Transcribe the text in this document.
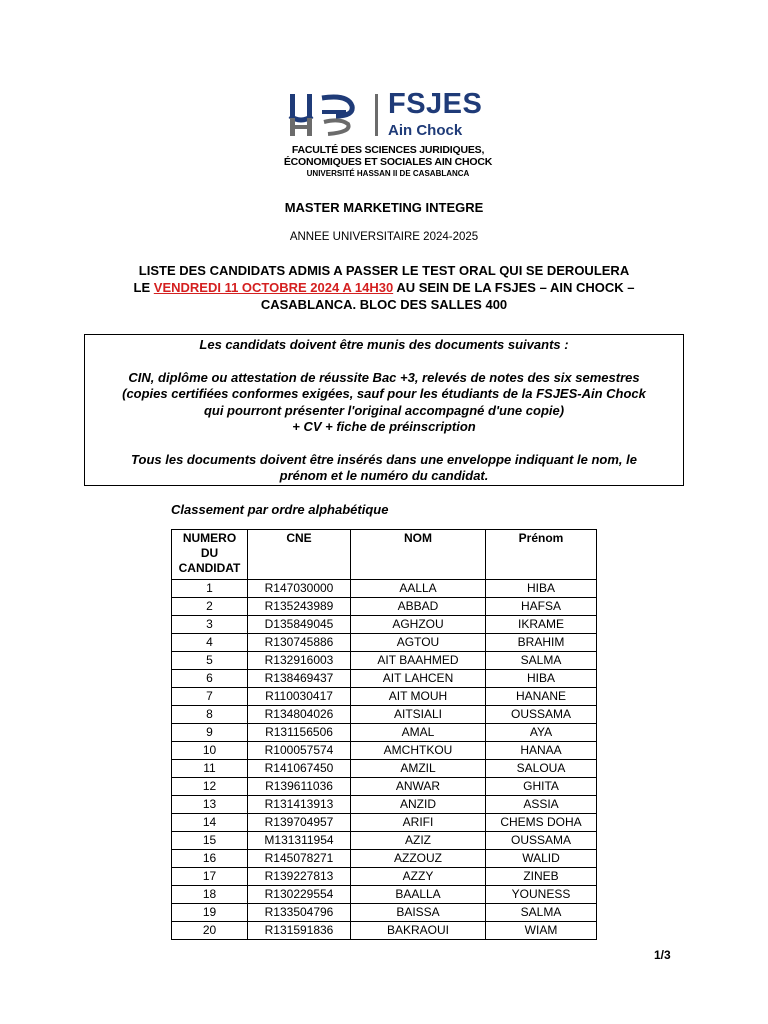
FSJES
Ain Chock
FACULTÉ DES SCIENCES JURIDIQUES,
ÉCONOMIQUES ET SOCIALES AIN CHOCK
UNIVERSITÉ HASSAN II DE CASABLANCA
MASTER MARKETING INTEGRE
ANNEE UNIVERSITAIRE 2024-2025
LISTE DES CANDIDATS ADMIS A PASSER LE TEST ORAL QUI SE DEROULERA
LE VENDREDI 11 OCTOBRE 2024 A 14H30 AU SEIN DE LA FSJES – AIN CHOCK –
CASABLANCA. BLOC DES SALLES 400

Les candidats doivent être munis des documents suivants :

CIN, diplôme ou attestation de réussite Bac +3, relevés de notes des six semestres

(copies certifiées conformes exigées, sauf pour les étudiants de la FSJES-Ain Chock

qui pourront présenter l'original accompagné d'une copie)

+ CV + fiche de préinscription

Tous les documents doivent être insérés dans une enveloppe indiquant le nom, le

prénom et le numéro du candidat.

Classement par ordre alphabétique
NUMERO
DU
CANDIDAT	CNE	NOM	Prénom
1	R147030000	AALLA	HIBA
2	R135243989	ABBAD	HAFSA
3	D135849045	AGHZOU	IKRAME
4	R130745886	AGTOU	BRAHIM
5	R132916003	AIT BAAHMED	SALMA
6	R138469437	AIT LAHCEN	HIBA
7	R110030417	AIT MOUH	HANANE
8	R134804026	AITSIALI	OUSSAMA
9	R131156506	AMAL	AYA
10	R100057574	AMCHTKOU	HANAA
11	R141067450	AMZIL	SALOUA
12	R139611036	ANWAR	GHITA
13	R131413913	ANZID	ASSIA
14	R139704957	ARIFI	CHEMS DOHA
15	M131311954	AZIZ	OUSSAMA
16	R145078271	AZZOUZ	WALID
17	R139227813	AZZY	ZINEB
18	R130229554	BAALLA	YOUNESS
19	R133504796	BAISSA	SALMA
20	R131591836	BAKRAOUI	WIAM
1/3
